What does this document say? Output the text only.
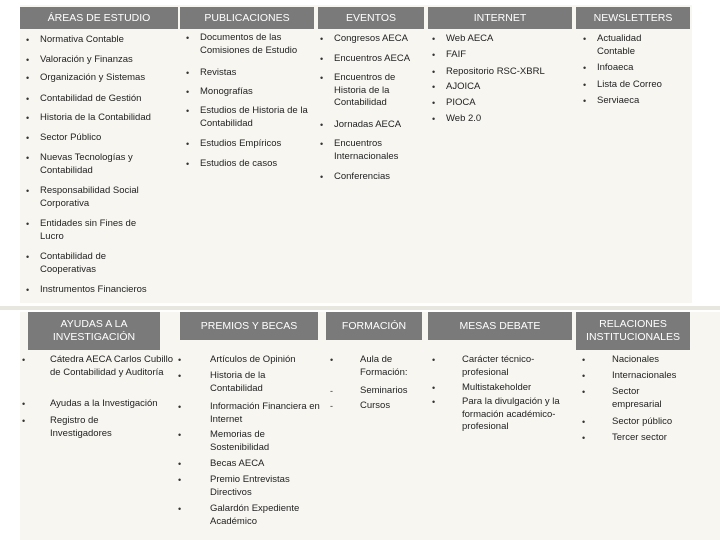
ÁREAS DE ESTUDIO
• Normativa Contable
• Valoración y Finanzas
• Organización y Sistemas
• Contabilidad de Gestión
• Historia de la Contabilidad
• Sector Público
• Nuevas Tecnologías y Contabilidad
• Responsabilidad Social Corporativa
• Entidades sin Fines de Lucro
• Contabilidad de Cooperativas
• Instrumentos Financieros
PUBLICACIONES
• Documentos de las Comisiones de Estudio
• Revistas
• Monografías
• Estudios de Historia de la Contabilidad
• Estudios Empíricos
• Estudios de casos
EVENTOS
• Congresos AECA
• Encuentros AECA
• Encuentros de Historia de la Contabilidad
• Jornadas AECA
• Encuentros Internacionales
• Conferencias
INTERNET
• Web AECA
• FAIF
• Repositorio RSC-XBRL
• AJOICA
• PIOCA
• Web 2.0
NEWSLETTERS
• Actualidad Contable
• Infoaeca
• Lista de Correo
• Serviaeca
AYUDAS A LA INVESTIGACIÓN
• Cátedra AECA Carlos Cubillo de Contabilidad y Auditoría
• Ayudas a la Investigación
• Registro de Investigadores
PREMIOS Y BECAS
• Artículos de Opinión
• Historia de la Contabilidad
• Información Financiera en Internet
• Memorias de Sostenibilidad
• Becas AECA
• Premio Entrevistas Directivos
• Galardón Expediente Académico
FORMACIÓN
• Aula de Formación:
- Seminarios
- Cursos
MESAS DEBATE
• Carácter técnico-profesional
• Multistakeholder
• Para la divulgación y la formación académico-profesional
RELACIONES INSTITUCIONALES
• Nacionales
• Internacionales
• Sector empresarial
• Sector público
• Tercer sector
